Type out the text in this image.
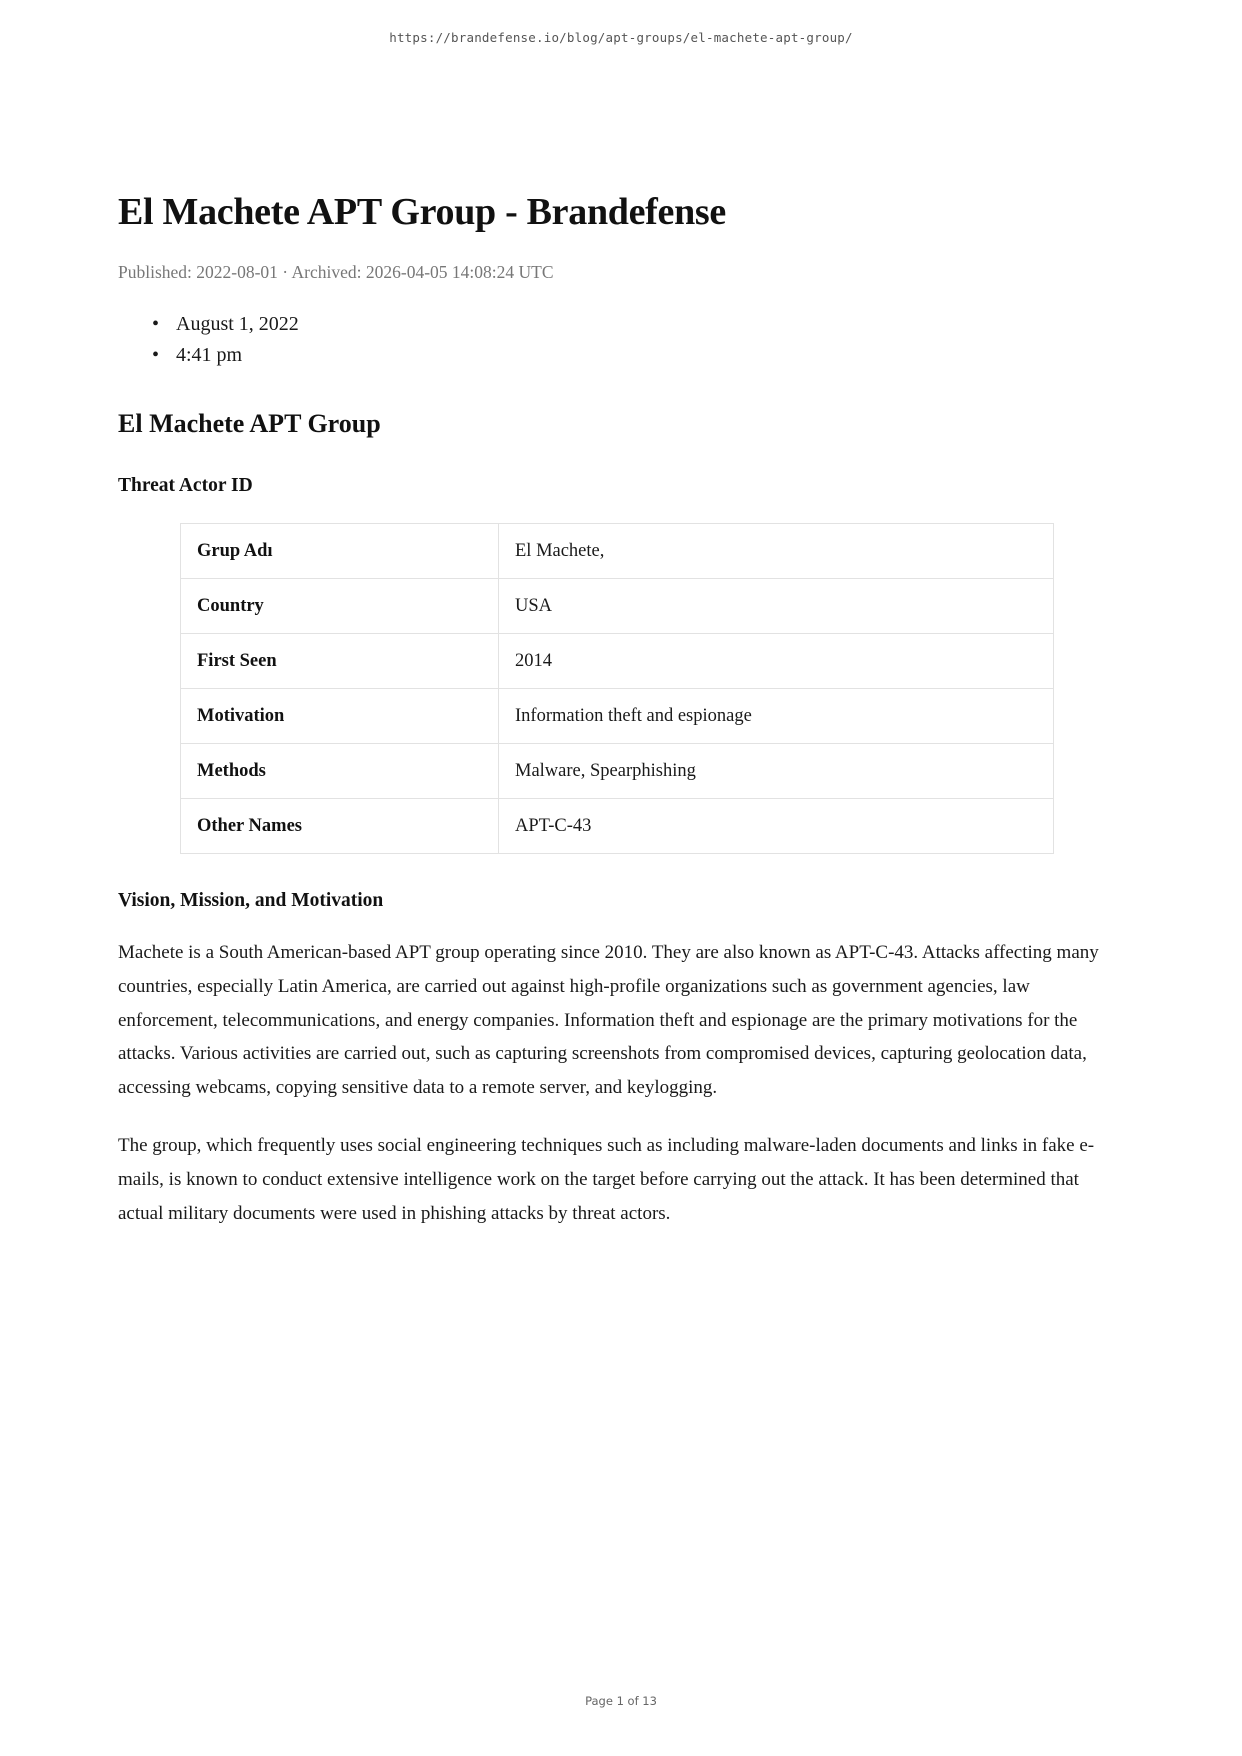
https://brandefense.io/blog/apt-groups/el-machete-apt-group/
El Machete APT Group - Brandefense
Published: 2022-08-01 · Archived: 2026-04-05 14:08:24 UTC
• August 1, 2022
• 4:41 pm
El Machete APT Group
Threat Actor ID
Grup Adı	El Machete,
Country	USA
First Seen	2014
Motivation	Information theft and espionage
Methods	Malware, Spearphishing
Other Names	APT-C-43
Vision, Mission, and Motivation

Machete is a South American-based APT group operating since 2010. They are also known as APT-C-43. Attacks affecting many countries, especially Latin America, are carried out against high-profile organizations such as government agencies, law enforcement, telecommunications, and energy companies. Information theft and espionage are the primary motivations for the attacks. Various activities are carried out, such as capturing screenshots from compromised devices, capturing geolocation data, accessing webcams, copying sensitive data to a remote server, and keylogging.

The group, which frequently uses social engineering techniques such as including malware-laden documents and links in fake e-mails, is known to conduct extensive intelligence work on the target before carrying out the attack. It has been determined that actual military documents were used in phishing attacks by threat actors.

Page 1 of 13
